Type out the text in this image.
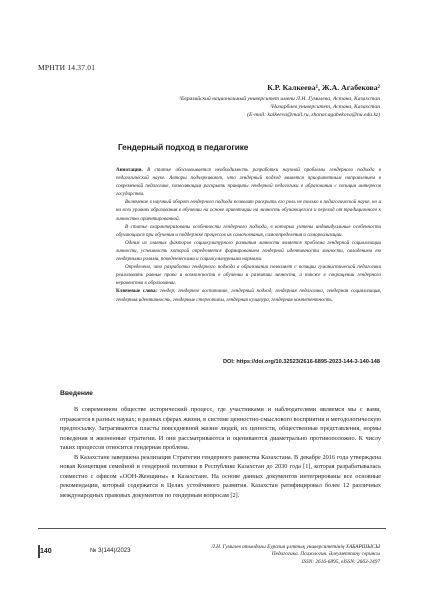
МРНТИ 14.37.01
К.Р. Калкеева¹, Ж.А. Агабекова²
¹Евразийский национальный университет имени Л.Н. Гумилева, Астана, Казахстан
²Назарбаев университет, Астана, Казахстан
(E-mail: kalkeeva@mail.ru, zhanar.agabekova@nu.edu.kz)
Гендерный подход в педагогике

Аннотация. В статье обосновывается необходимость разработки научной проблемы гендерного подхода в педагогической науке. Авторы подчеркивают, что гендерный подход является приоритетным направлением в современной педагогике, позволяющим раскрыть принципы гендерной педагогики в образовании с позиции интересов государства.

Включение в научный оборот гендерного подхода позволит раскрыть его роль не только в педагогической науке, но и на всех уровнях образования в обучении на основе ориентации на личность обучающегося и переход от традиционного к личностно ориентированной.

В статье охарактеризованы особенности гендерного подхода, в которых учтены индивидуальные особенности обучающихся при обучении и поддержке процессов их самопознания, самоопределения и самореализации.

Одним из главных факторов социокультурного развития личности является проблема гендерной социализации личности, успешность которой определяется формированием гендерной идентичности личности, овладением ею гендерными ролями, поведенческими и социокультурными нормами.

Определено, что разработка гендерного подхода в образовании позволяет с позиции гуманистической педагогики реализовать равные права и возможности в обучении и развитии личности, а также в сокращении гендерного неравенства в образовании.

Ключевые слова: гендер, гендерное воспитание, гендерный подход, гендерная педагогика, гендерная социализация, гендерная идентичность, гендерные стереотипы, гендерная культура, гендерная компетентность.

DOI: https://doi.org/10.32523/2616-6895-2023-144-3-140-148
Введение

В современном обществе исторический процесс, где участниками и наблюдателями являемся мы с вами, отражается в разных науках; в разных сферах жизни, в системе ценностно-смыслового восприятия и методологическую предпосылку. Затрагиваются пласты повседневной жизни людей, их ценности, общественные представления, нормы поведения и жизненные стратегии. И они рассматриваются и оцениваются диаметрально противоположно. К числу таких процессов относится гендерная проблема.

В Казахстане завершена реализация Стратегии гендерного равенства Казахстана. В декабре 2016 года утверждена новая Концепция семейной и гендерной политики в Республике Казахстан до 2030 года [1], которая разрабатывалась совместно с офисом «ООН-Женщины» в Казахстане. На основе данных документов интегрированы все основные рекомендации, который содержатся в Целях устойчивого развития. Казахстан ратифицировал более 12 различных международных правовых документов по гендерным вопросам [2].

140	№ 3(144)/2023
Л.Н. Гумилев атындағы Еуразия ұлттық университетінің ХАБАРШЫСЫ
Педагогика. Психология. Әлеуметтану сериясы
ISSN: 2616-6895, eISSN: 2663-2497
